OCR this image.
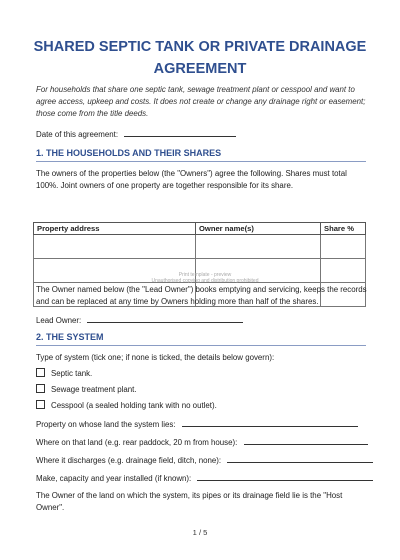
SHARED SEPTIC TANK OR PRIVATE DRAINAGE
AGREEMENT
For households that share one septic tank, sewage treatment plant or cesspool and want to agree access, upkeep and costs. It does not create or change any drainage right or easement; those come from the title deeds.
Date of this agreement:
1. THE HOUSEHOLDS AND THEIR SHARES
The owners of the properties below (the "Owners") agree the following. Shares must total 100%. Joint owners of one property are together responsible for its share.
Property address	Owner name(s)	Share %

Print template - preview
Unauthorised copying and distribution prohibited
The Owner named below (the "Lead Owner") books emptying and servicing, keeps the records and can be replaced at any time by Owners holding more than half of the shares.
Lead Owner:
2. THE SYSTEM
Type of system (tick one; if none is ticked, the details below govern):
Septic tank.
Sewage treatment plant.
Cesspool (a sealed holding tank with no outlet).
Property on whose land the system lies:
Where on that land (e.g. rear paddock, 20 m from house):
Where it discharges (e.g. drainage field, ditch, none):
Make, capacity and year installed (if known):
The Owner of the land on which the system, its pipes or its drainage field lie is the "Host Owner".
1 / 5
